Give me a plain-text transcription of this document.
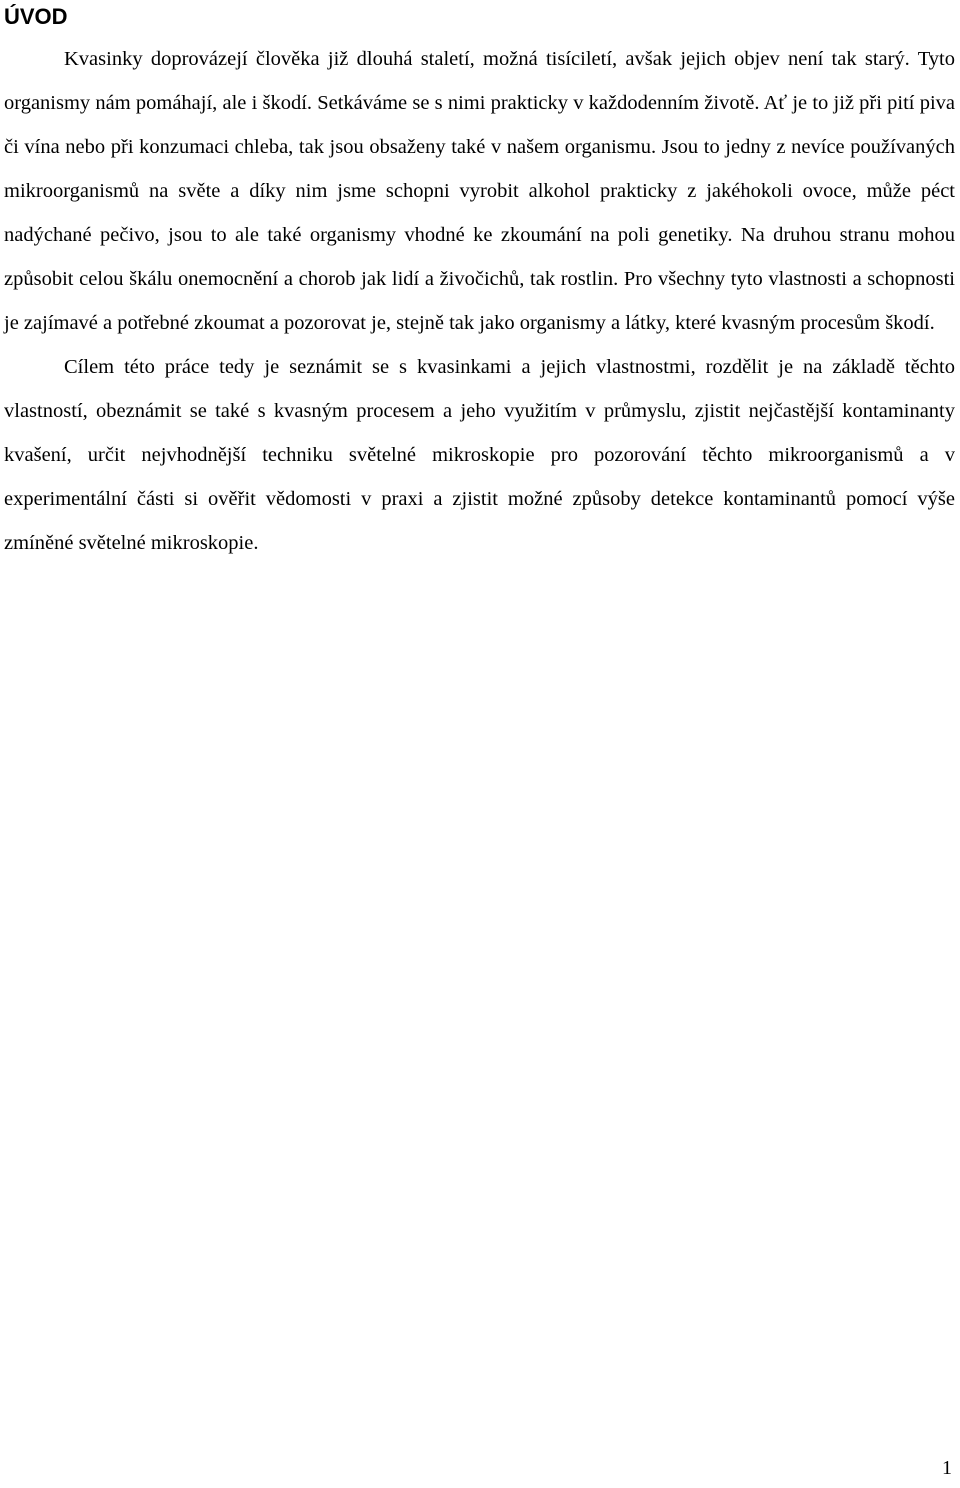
ÚVOD

Kvasinky doprovázejí člověka již dlouhá staletí, možná tisíciletí, avšak jejich objev není tak starý. Tyto organismy nám pomáhají, ale i škodí. Setkáváme se s nimi prakticky v každodenním životě. Ať je to již při pití piva či vína nebo při konzumaci chleba, tak jsou obsaženy také v našem organismu. Jsou to jedny z nevíce používaných mikroorganismů na světe a díky nim jsme schopni vyrobit alkohol prakticky z jakéhokoli ovoce, může péct nadýchané pečivo, jsou to ale také organismy vhodné ke zkoumání na poli genetiky. Na druhou stranu mohou způsobit celou škálu onemocnění a chorob jak lidí a živočichů, tak rostlin. Pro všechny tyto vlastnosti a schopnosti je zajímavé a potřebné zkoumat a pozorovat je, stejně tak jako organismy a látky, které kvasným procesům škodí.

Cílem této práce tedy je seznámit se s kvasinkami a jejich vlastnostmi, rozdělit je na základě těchto vlastností, obeznámit se také s kvasným procesem a jeho využitím v průmyslu, zjistit nejčastější kontaminanty kvašení, určit nejvhodnější techniku světelné mikroskopie pro pozorování těchto mikroorganismů a v experimentální části si ověřit vědomosti v praxi a zjistit možné způsoby detekce kontaminantů pomocí výše zmíněné světelné mikroskopie.

1
